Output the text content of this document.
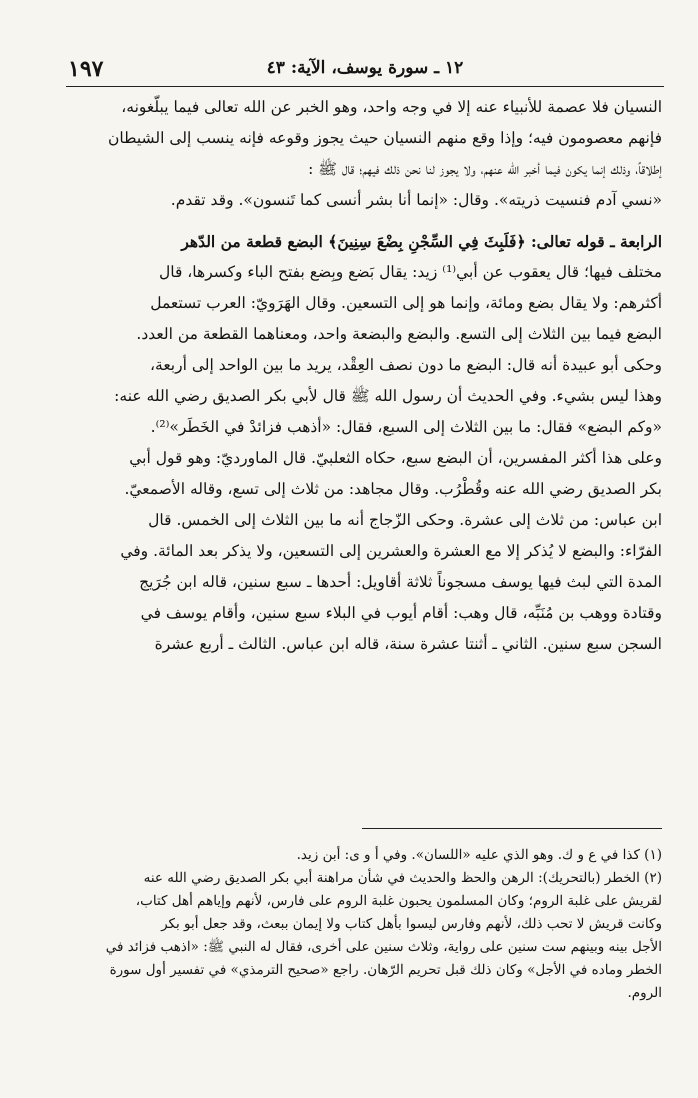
١٩٧	١٢ ـ سورة يوسف، الآية: ٤٣

النسيان فلا عصمة للأنبياء عنه إلا في وجه واحد، وهو الخبر عن الله تعالى فيما يبلّغونه،
فإنهم معصومون فيه؛ وإذا وقع منهم النسيان حيث يجوز وقوعه فإنه ينسب إلى الشيطان
إطلاقاً، وذلك إنما يكون فيما أخبر الله عنهم، ولا يجوز لنا نحن ذلك فيهم؛ قال ﷺ :
«نسي آدم فنسيت ذريته». وقال: «إنما أنا بشر أنسى كما تَنسون». وقد تقدم.

الرابعة ـ قوله تعالى: ﴿فَلَبِثَ فِي السِّجْنِ بِضْعَ سِنِينَ﴾ البضع قطعة من الدّهر
مختلف فيها؛ قال يعقوب عن أبي⁽¹⁾ زيد: يقال بَضع وبِضع بفتح الباء وكسرها، قال
أكثرهم: ولا يقال بضع ومائة، وإنما هو إلى التسعين. وقال الهَرَويّ: العرب تستعمل
البضع فيما بين الثلاث إلى التسع. والبضع والبضعة واحد، ومعناهما القطعة من العدد.
وحكى أبو عبيدة أنه قال: البضع ما دون نصف العِقْد، يريد ما بين الواحد إلى أربعة،
وهذا ليس بشيء. وفي الحديث أن رسول الله ﷺ قال لأبي بكر الصديق رضي الله عنه:
«وكم البضع» فقال: ما بين الثلاث إلى السبع، فقال: «أذهب فزائدْ في الخَطَر»⁽²⁾.
وعلى هذا أكثر المفسرين، أن البضع سبع، حكاه الثعلبيّ. قال الماورديّ: وهو قول أبي
بكر الصديق رضي الله عنه وقُطْرُب. وقال مجاهد: من ثلاث إلى تسع، وقاله الأصمعيّ.
ابن عباس: من ثلاث إلى عشرة. وحكى الزّجاج أنه ما بين الثلاث إلى الخمس. قال
الفرّاء: والبضع لا يُذكر إلا مع العشرة والعشرين إلى التسعين، ولا يذكر بعد المائة. وفي
المدة التي لبث فيها يوسف مسجوناً ثلاثة أقاويل: أحدها ـ سبع سنين، قاله ابن جُرَيج
وقتادة ووهب بن مُنَبِّه، قال وهب: أقام أيوب في البلاء سبع سنين، وأقام يوسف في
السجن سبع سنين. الثاني ـ أثنتا عشرة سنة، قاله ابن عباس. الثالث ـ أربع عشرة

(١) كذا في ع و ك. وهو الذي عليه «اللسان». وفي أ و ى: أبن زيد.
(٢) الخطر (بالتحريك): الرهن والحظ والحديث في شأن مراهنة أبي بكر الصديق رضي الله عنه
لقريش على غلبة الروم؛ وكان المسلمون يحبون غلبة الروم على فارس، لأنهم وإياهم أهل كتاب،
وكانت قريش لا تحب ذلك، لأنهم وفارس ليسوا بأهل كتاب ولا إيمان ببعث، وقد جعل أبو بكر
الأجل بينه وبينهم ست سنين على رواية، وثلاث سنين على أخرى، فقال له النبي ﷺ: «اذهب فزائد في
الخطر وماده في الأجل» وكان ذلك قبل تحريم الرّهان. راجع «صحيح الترمذي» في تفسير أول سورة
الروم.
